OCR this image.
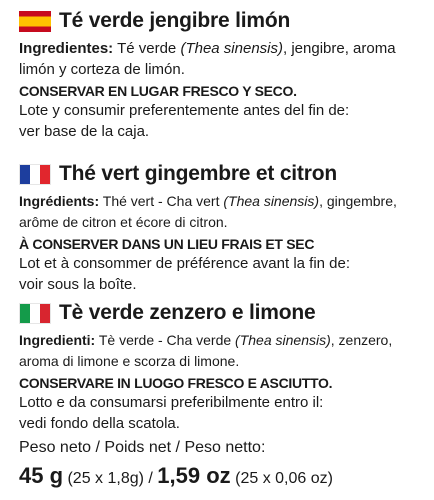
Té verde jengibre limón
Ingredientes: Té verde (Thea sinensis), jengibre, aroma
limón y corteza de limón.
CONSERVAR EN LUGAR FRESCO Y SECO.
Lote y consumir preferentemente antes del fin de:
ver base de la caja.
Thé vert gingembre et citron
Ingrédients: Thé vert - Cha vert (Thea sinensis), gingembre,
arôme de citron et écore di citron.
À CONSERVER DANS UN LIEU FRAIS ET SEC
Lot et à consommer de préférence avant la fin de:
voir sous la boîte.
Tè verde zenzero e limone
Ingredienti: Tè verde - Cha verde (Thea sinensis), zenzero,
aroma di limone e scorza di limone.
CONSERVARE IN LUOGO FRESCO E ASCIUTTO.
Lotto e da consumarsi preferibilmente entro il:
vedi fondo della scatola.
Peso neto / Poids net / Peso netto:
45 g (25 x 1,8g) / 1,59 oz (25 x 0,06 oz)
